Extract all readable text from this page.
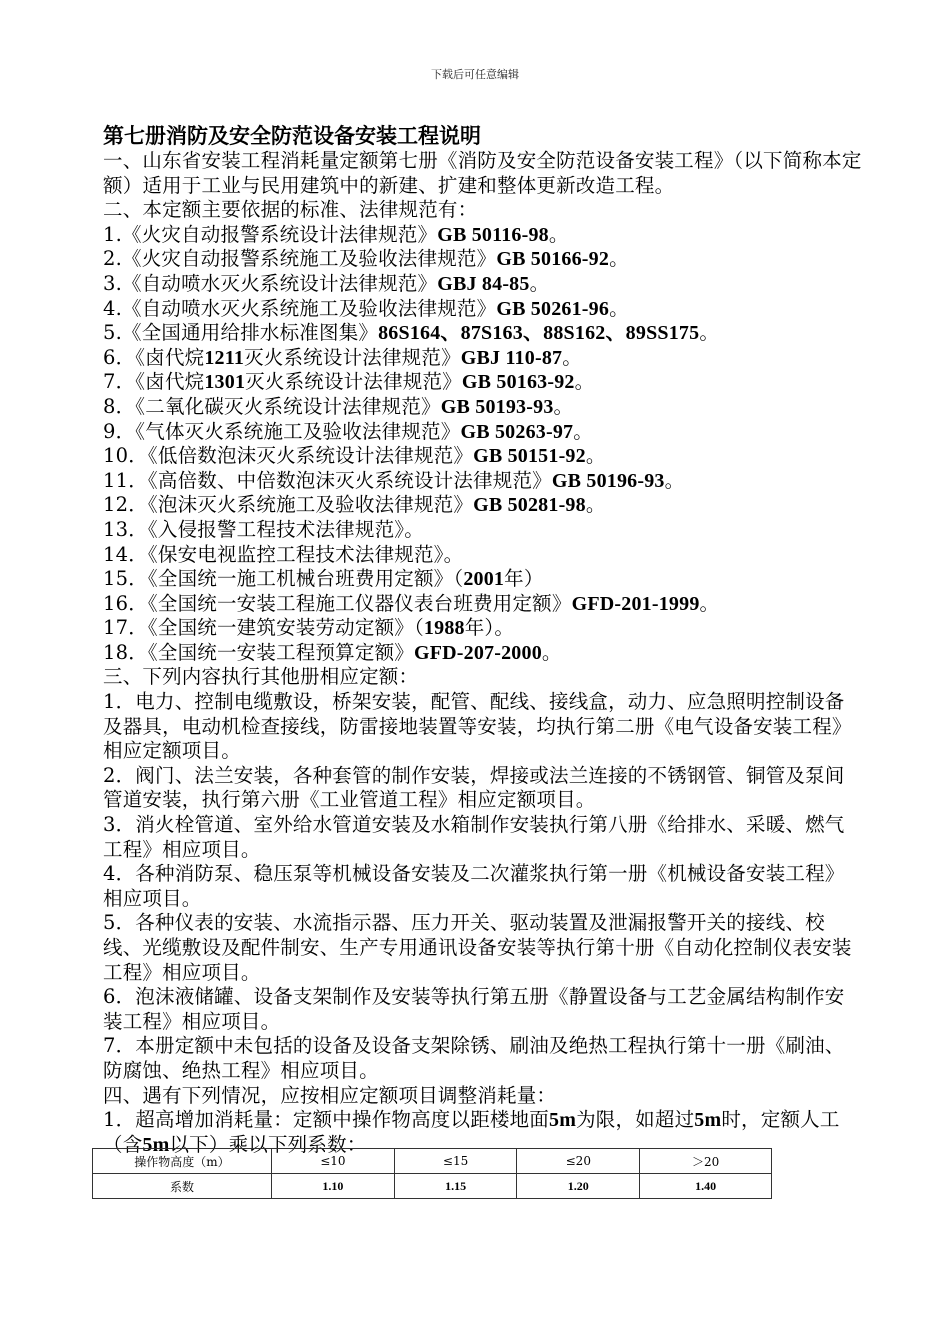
下载后可任意编辑
第七册消防及安全防范设备安装工程说明

一、山东省安装工程消耗量定额第七册《消防及安全防范设备安装工程》（以下简称本定额）适用于工业与民用建筑中的新建、扩建和整体更新改造工程。

二、本定额主要依据的标准、法律规范有：

1.《火灾自动报警系统设计法律规范》GB 50116-98。

2.《火灾自动报警系统施工及验收法律规范》GB 50166-92。

3.《自动喷水灭火系统设计法律规范》GBJ 84-85。

4.《自动喷水灭火系统施工及验收法律规范》GB 50261-96。

5.《全国通用给排水标准图集》86S164、87S163、88S162、89SS175。

6．《卤代烷1211灭火系统设计法律规范》GBJ 110-87。

7．《卤代烷1301灭火系统设计法律规范》GB 50163-92。

8．《二氧化碳灭火系统设计法律规范》GB 50193-93。

9．《气体灭火系统施工及验收法律规范》GB 50263-97。

10．《低倍数泡沫灭火系统设计法律规范》GB 50151-92。

11．《高倍数、中倍数泡沫灭火系统设计法律规范》GB 50196-93。

12．《泡沫灭火系统施工及验收法律规范》GB 50281-98。

13．《入侵报警工程技术法律规范》。

14．《保安电视监控工程技术法律规范》。

15．《全国统一施工机械台班费用定额》（2001年）

16．《全国统一安装工程施工仪器仪表台班费用定额》GFD-201-1999。

17．《全国统一建筑安装劳动定额》（1988年）。

18．《全国统一安装工程预算定额》GFD-207-2000。

三、下列内容执行其他册相应定额：

1．电力、控制电缆敷设，桥架安装，配管、配线、接线盒，动力、应急照明控制设备及器具，电动机检查接线，防雷接地装置等安装，均执行第二册《电气设备安装工程》相应定额项目。

2．阀门、法兰安装，各种套管的制作安装，焊接或法兰连接的不锈钢管、铜管及泵间管道安装，执行第六册《工业管道工程》相应定额项目。

3．消火栓管道、室外给水管道安装及水箱制作安装执行第八册《给排水、采暖、燃气工程》相应项目。

4．各种消防泵、稳压泵等机械设备安装及二次灌浆执行第一册《机械设备安装工程》相应项目。

5．各种仪表的安装、水流指示器、压力开关、驱动装置及泄漏报警开关的接线、校线、光缆敷设及配件制安、生产专用通讯设备安装等执行第十册《自动化控制仪表安装工程》相应项目。

6．泡沫液储罐、设备支架制作及安装等执行第五册《静置设备与工艺金属结构制作安装工程》相应项目。

7．本册定额中未包括的设备及设备支架除锈、刷油及绝热工程执行第十一册《刷油、防腐蚀、绝热工程》相应项目。

四、遇有下列情况，应按相应定额项目调整消耗量：

1．超高增加消耗量：定额中操作物高度以距楼地面5m为限，如超过5m时，定额人工（含5m以下）乘以下列系数：

操作物高度（m）	≤10	≤15	≤20	＞20
系数	1.10	1.15	1.20	1.40
